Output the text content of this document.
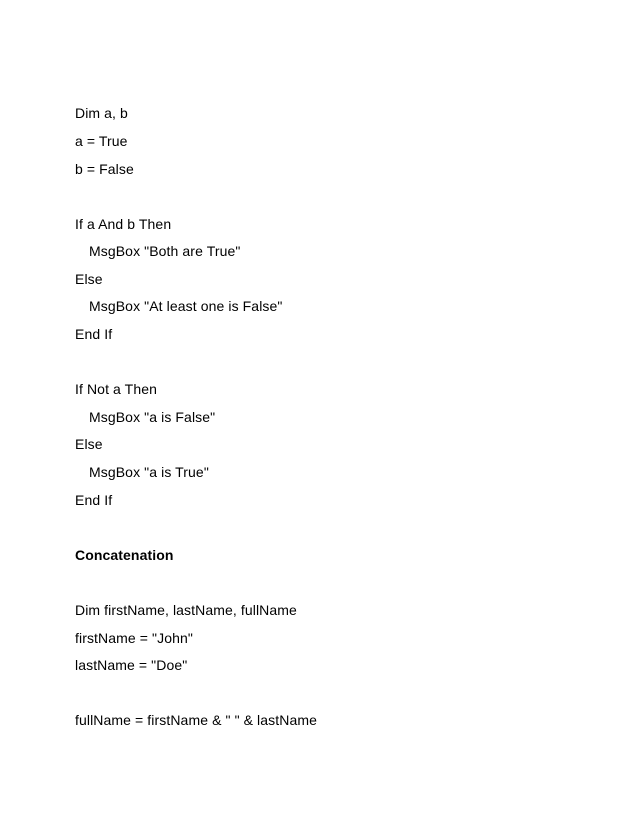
Dim a, b
a = True
b = False
If a And b Then
MsgBox "Both are True"
Else
MsgBox "At least one is False"
End If
If Not a Then
MsgBox "a is False"
Else
MsgBox "a is True"
End If
Concatenation
Dim firstName, lastName, fullName
firstName = "John"
lastName = "Doe"
fullName = firstName & " " & lastName
